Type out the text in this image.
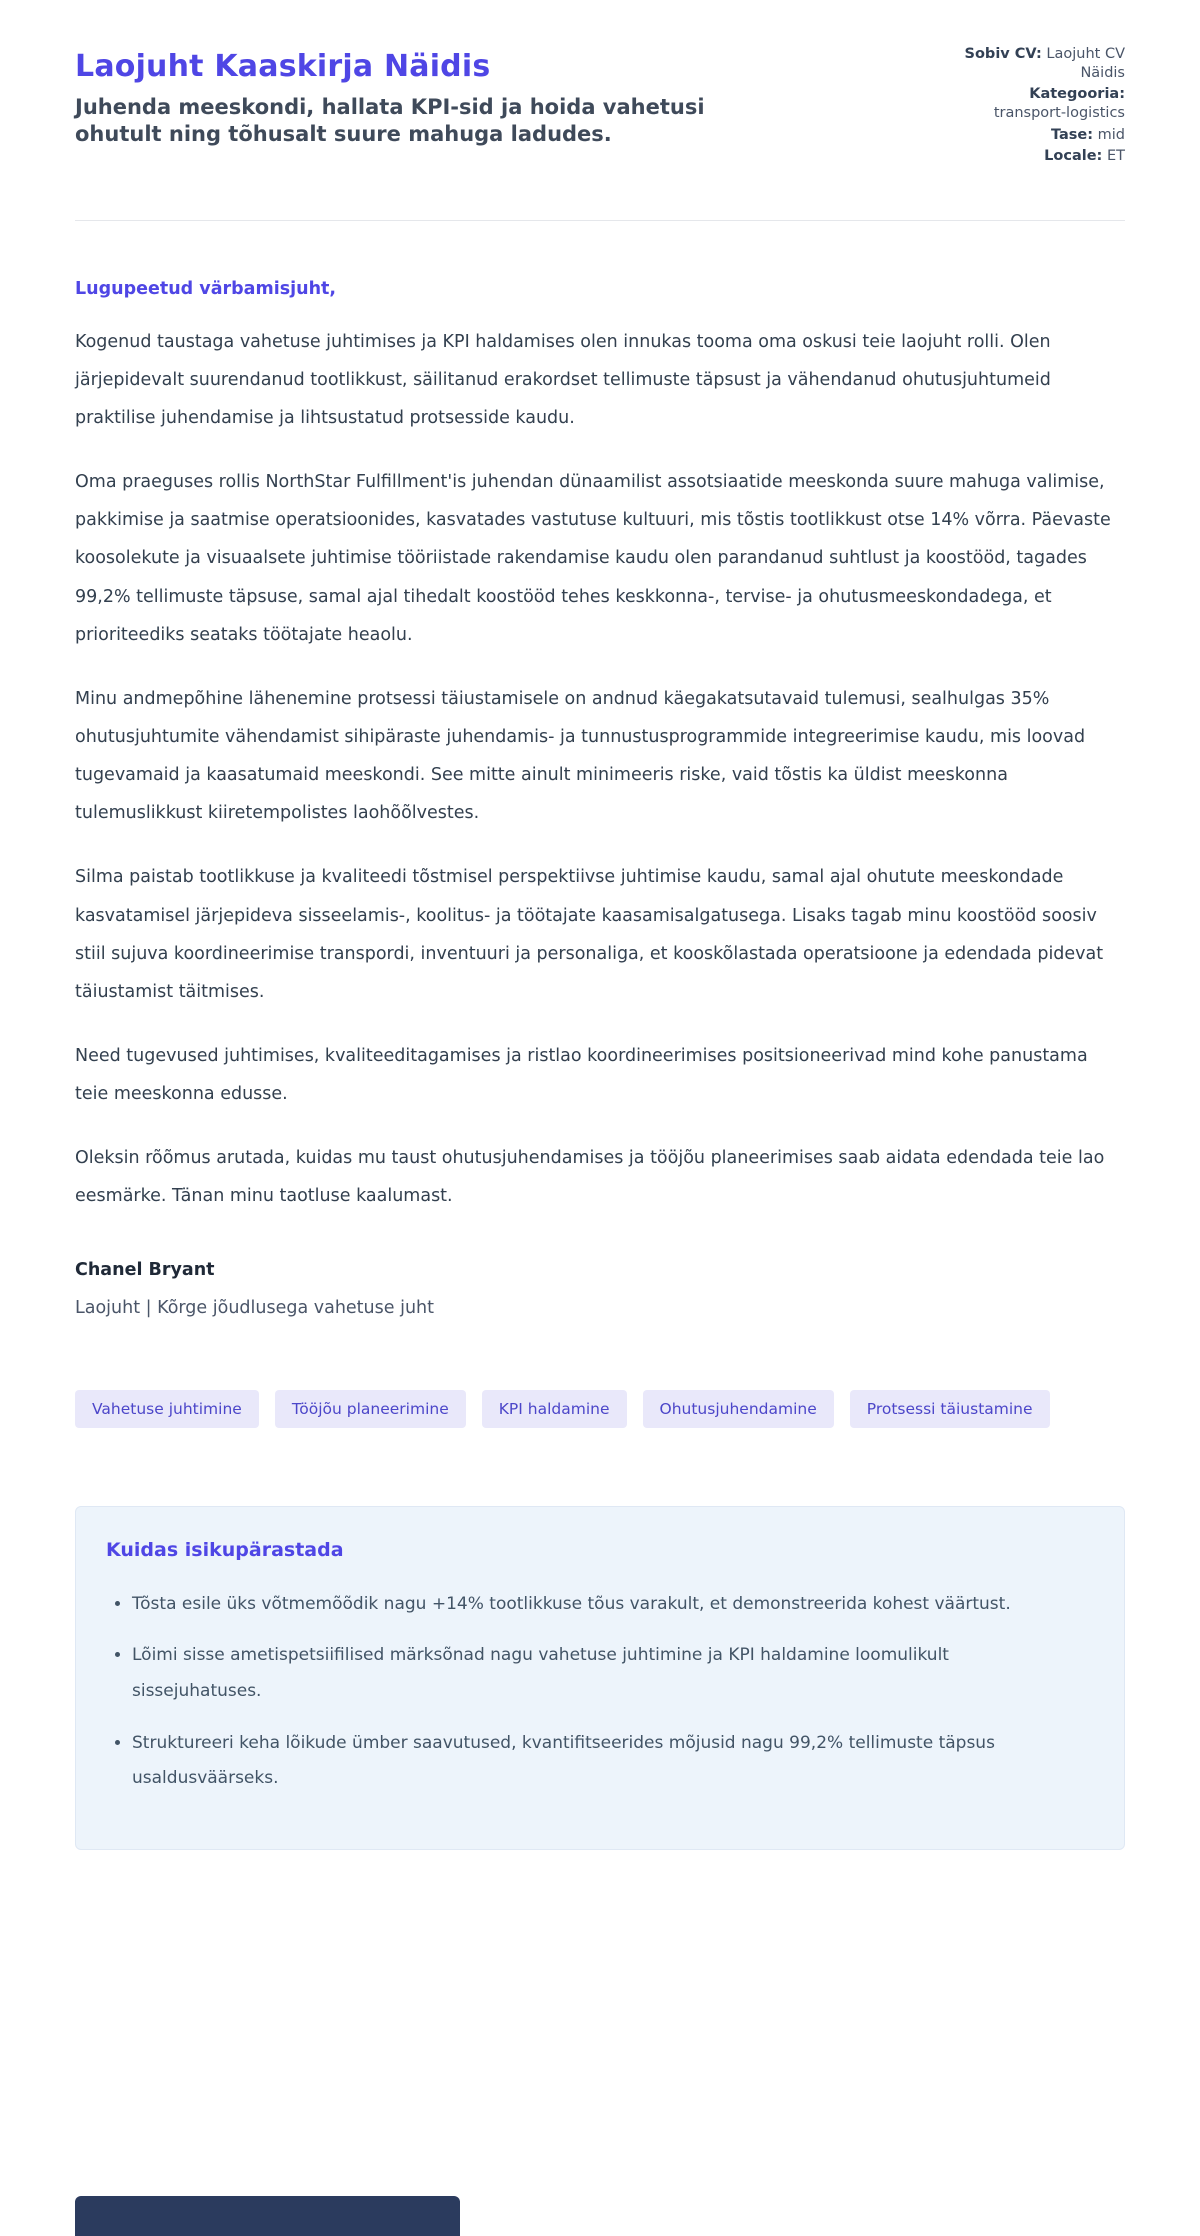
Laojuht Kaaskirja Näidis
Juhenda meeskondi, hallata KPI-sid ja hoida vahetusi ohutult ning tõhusalt suure mahuga ladudes.
Sobiv CV: Laojuht CV Näidis
Kategooria: transport-logistics
Tase: mid
Locale: ET
Lugupeetud värbamisjuht,

Kogenud taustaga vahetuse juhtimises ja KPI haldamises olen innukas tooma oma oskusi teie laojuht rolli. Olen järjepidevalt suurendanud tootlikkust, säilitanud erakordset tellimuste täpsust ja vähendanud ohutusjuhtumeid praktilise juhendamise ja lihtsustatud protsesside kaudu.

Oma praeguses rollis NorthStar Fulfillment'is juhendan dünaamilist assotsiaatide meeskonda suure mahuga valimise, pakkimise ja saatmise operatsioonides, kasvatades vastutuse kultuuri, mis tõstis tootlikkust otse 14% võrra. Päevaste koosolekute ja visuaalsete juhtimise tööriistade rakendamise kaudu olen parandanud suhtlust ja koostööd, tagades 99,2% tellimuste täpsuse, samal ajal tihedalt koostööd tehes keskkonna-, tervise- ja ohutusmeeskondadega, et prioriteediks seataks töötajate heaolu.

Minu andmepõhine lähenemine protsessi täiustamisele on andnud käegakatsutavaid tulemusi, sealhulgas 35% ohutusjuhtumite vähendamist sihipäraste juhendamis- ja tunnustusprogrammide integreerimise kaudu, mis loovad tugevamaid ja kaasatumaid meeskondi. See mitte ainult minimeeris riske, vaid tõstis ka üldist meeskonna tulemuslikkust kiiretempolistes laohõõlvestes.

Silma paistab tootlikkuse ja kvaliteedi tõstmisel perspektiivse juhtimise kaudu, samal ajal ohutute meeskondade kasvatamisel järjepideva sisseelamis-, koolitus- ja töötajate kaasamisalgatusega. Lisaks tagab minu koostööd soosiv stiil sujuva koordineerimise transpordi, inventuuri ja personaliga, et kooskõlastada operatsioone ja edendada pidevat täiustamist täitmises.

Need tugevused juhtimises, kvaliteeditagamises ja ristlao koordineerimises positsioneerivad mind kohe panustama teie meeskonna edusse.

Oleksin rõõmus arutada, kuidas mu taust ohutusjuhendamises ja tööjõu planeerimises saab aidata edendada teie lao eesmärke. Tänan minu taotluse kaalumast.

Chanel Bryant
Laojuht | Kõrge jõudlusega vahetuse juht
Vahetuse juhtimine	Tööjõu planeerimine	KPI haldamine	Ohutusjuhendamine	Protsessi täiustamine
Kuidas isikupärastada
• Tõsta esile üks võtmemõõdik nagu +14% tootlikkuse tõus varakult, et demonstreerida kohest väärtust.
• Lõimi sisse ametispetsiifilised märksõnad nagu vahetuse juhtimine ja KPI haldamine loomulikult sissejuhatuses.
• Struktureeri keha lõikude ümber saavutused, kvantifitseerides mõjusid nagu 99,2% tellimuste täpsus usaldusväärseks.
